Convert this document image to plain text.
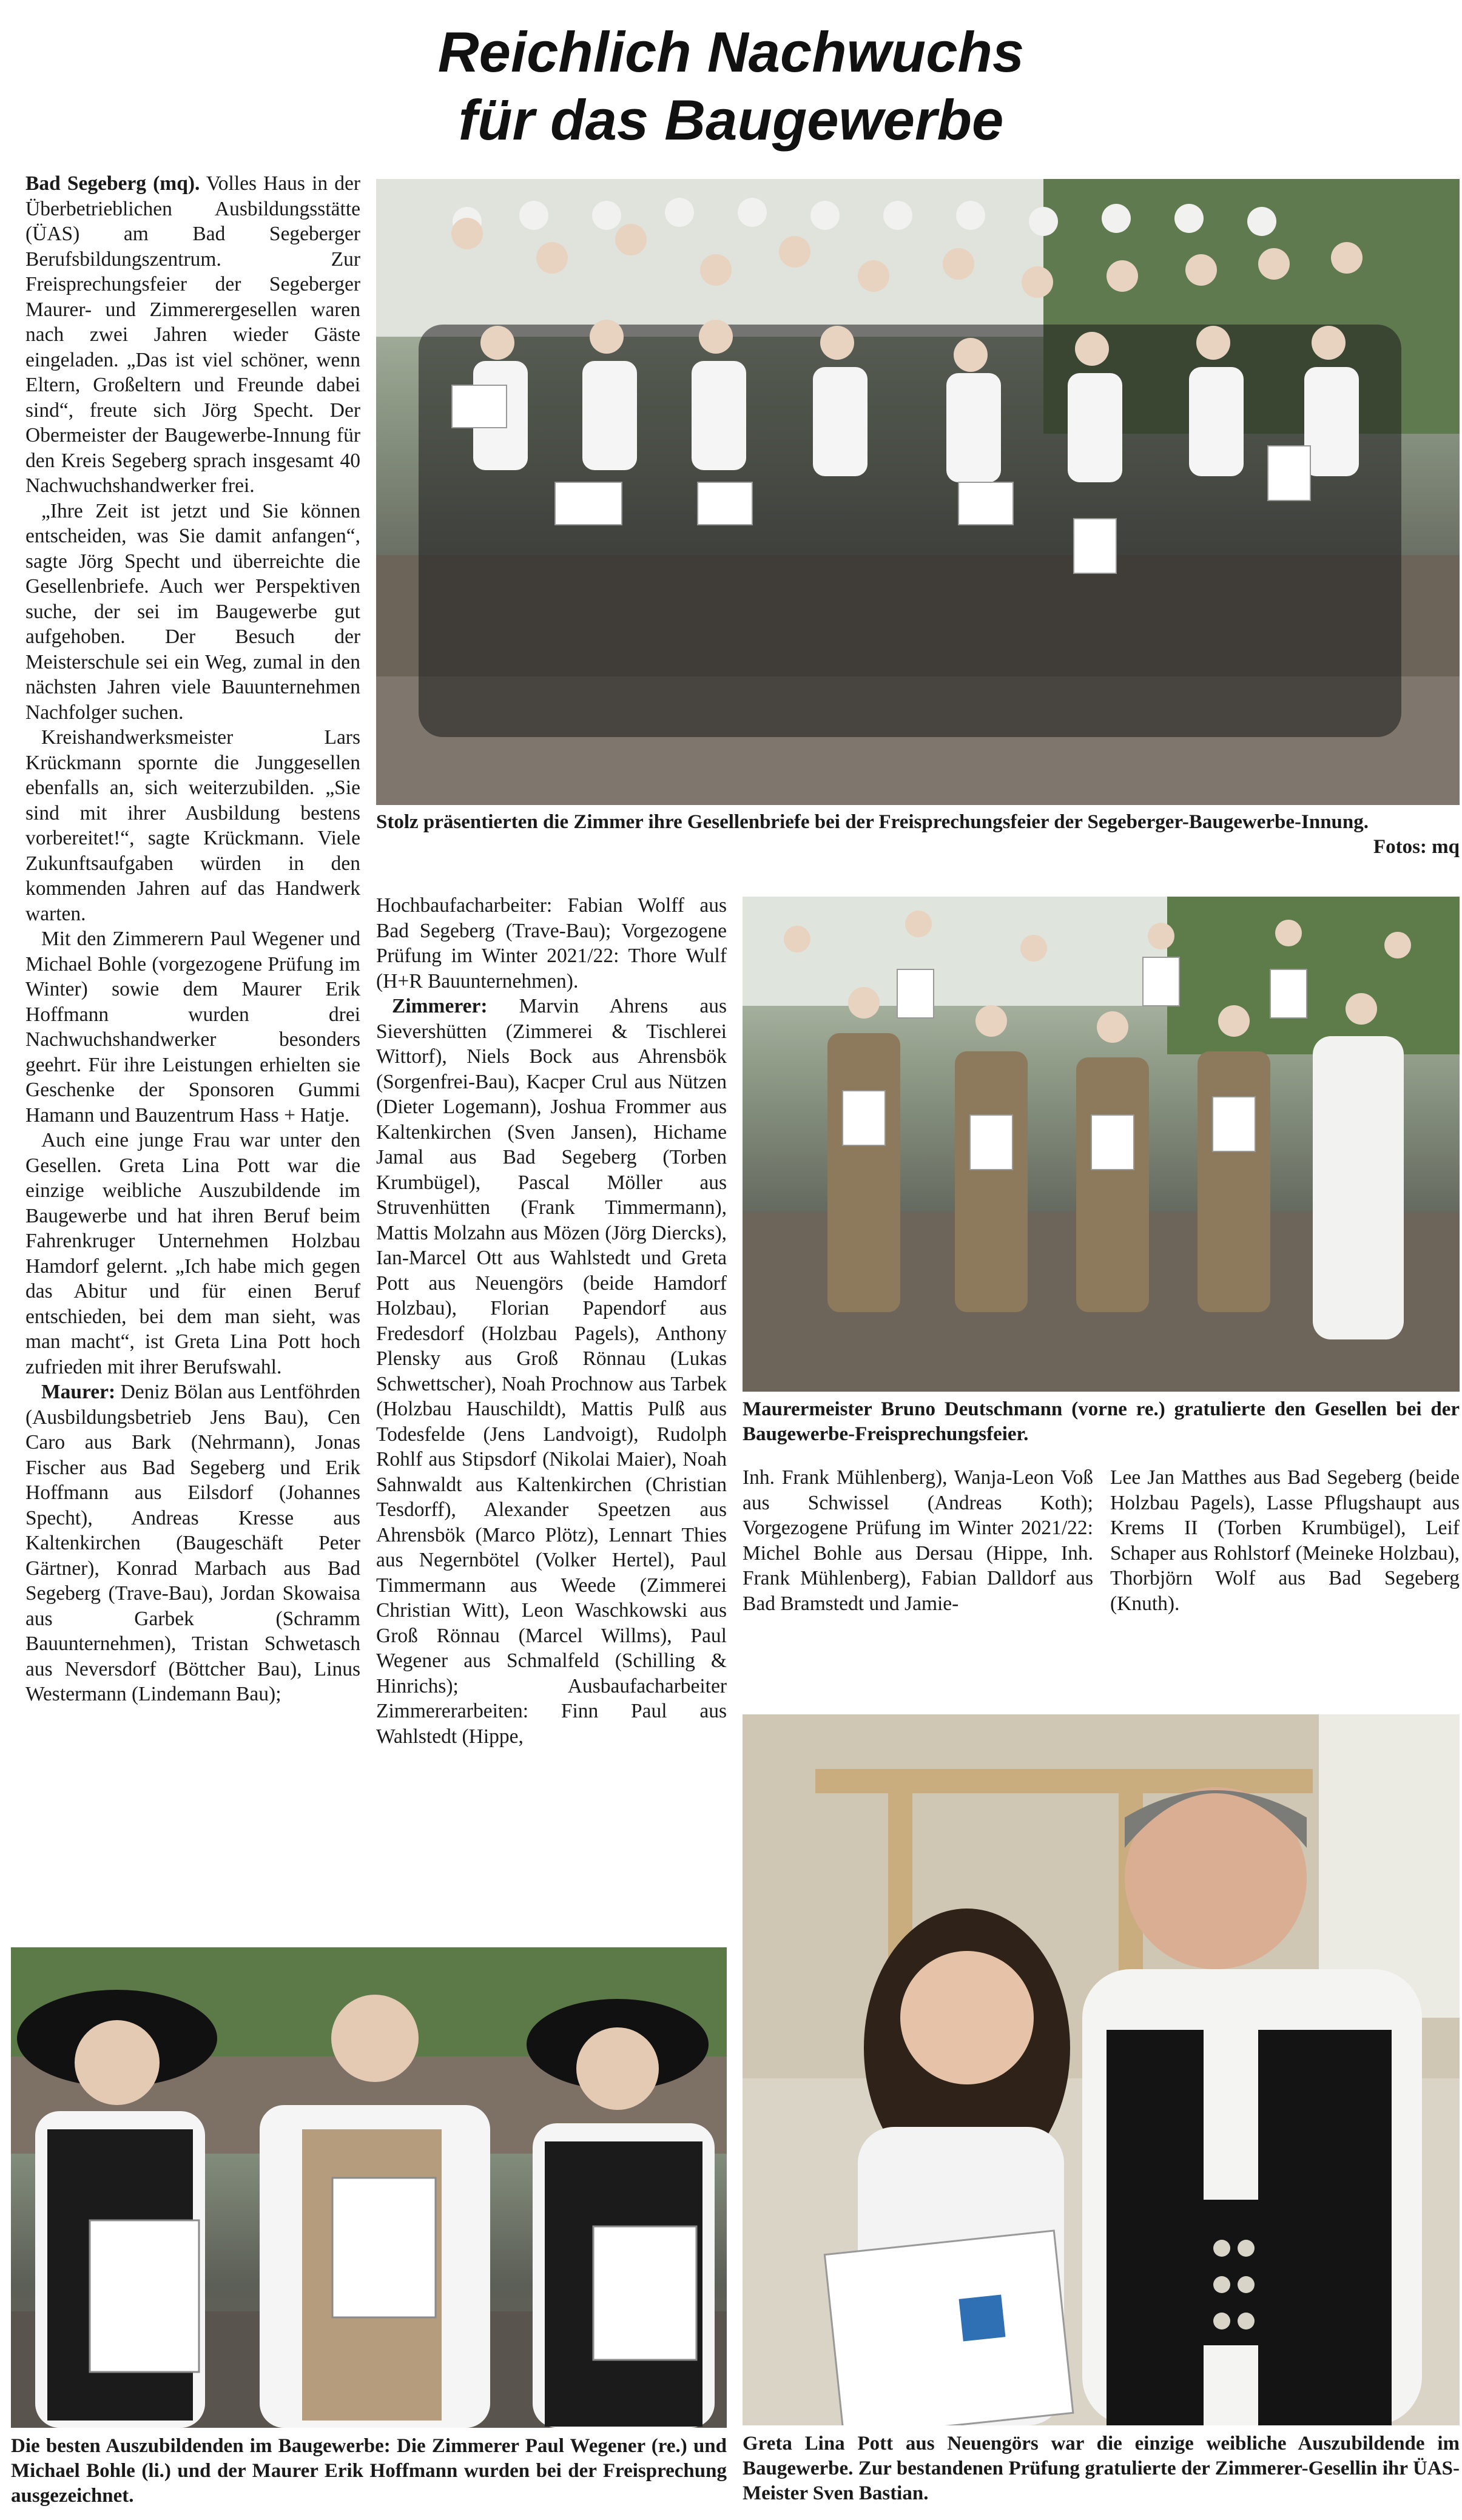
Reichlich Nachwuchs
für das Baugewerbe

Bad Segeberg (mq). Volles Haus in der Überbetrieblichen Ausbildungsstätte (ÜAS) am Bad Segeberger Berufsbildungszentrum. Zur Freisprechungsfeier der Segeberger Maurer- und Zimmerergesellen waren nach zwei Jahren wieder Gäste eingeladen. „Das ist viel schöner, wenn Eltern, Großeltern und Freunde dabei sind“, freute sich Jörg Specht. Der Obermeister der Baugewerbe-Innung für den Kreis Segeberg sprach insgesamt 40 Nachwuchshandwerker frei.

„Ihre Zeit ist jetzt und Sie können entscheiden, was Sie damit anfangen“, sagte Jörg Specht und überreichte die Gesellenbriefe. Auch wer Perspektiven suche, der sei im Baugewerbe gut aufgehoben. Der Besuch der Meisterschule sei ein Weg, zumal in den nächsten Jahren viele Bauunternehmen Nachfolger suchen.

Kreishandwerksmeister Lars Krückmann spornte die Junggesellen ebenfalls an, sich weiterzubilden. „Sie sind mit ihrer Ausbildung bestens vorbereitet!“, sagte Krückmann. Viele Zukunftsaufgaben würden in den kommenden Jahren auf das Handwerk warten.

Mit den Zimmerern Paul Wegener und Michael Bohle (vorgezogene Prüfung im Winter) sowie dem Maurer Erik Hoffmann wurden drei Nachwuchshandwerker besonders geehrt. Für ihre Leistungen erhielten sie Geschenke der Sponsoren Gummi Hamann und Bauzentrum Hass + Hatje.

Auch eine junge Frau war unter den Gesellen. Greta Lina Pott war die einzige weibliche Auszubildende im Baugewerbe und hat ihren Beruf beim Fahrenkruger Unternehmen Holzbau Hamdorf gelernt. „Ich habe mich gegen das Abitur und für einen Beruf entschieden, bei dem man sieht, was man macht“, ist Greta Lina Pott hoch zufrieden mit ihrer Berufswahl.

Maurer: Deniz Bölan aus Lentföhrden (Ausbildungsbetrieb Jens Bau), Cen Caro aus Bark (Nehrmann), Jonas Fischer aus Bad Segeberg und Erik Hoffmann aus Eilsdorf (Johannes Specht), Andreas Kresse aus Kaltenkirchen (Baugeschäft Peter Gärtner), Konrad Marbach aus Bad Segeberg (Trave-Bau), Jordan Skowaisa aus Garbek (Schramm Bauunternehmen), Tristan Schwetasch aus Neversdorf (Böttcher Bau), Linus Westermann (Lindemann Bau);

Hochbaufacharbeiter: Fabian Wolff aus Bad Segeberg (Trave-Bau); Vorgezogene Prüfung im Winter 2021/22: Thore Wulf (H+R Bauunternehmen).

Zimmerer: Marvin Ahrens aus Sievershütten (Zimmerei & Tischlerei Wittorf), Niels Bock aus Ahrensbök (Sorgenfrei-Bau), Kacper Crul aus Nützen (Dieter Logemann), Joshua Frommer aus Kaltenkirchen (Sven Jansen), Hichame Jamal aus Bad Segeberg (Torben Krumbügel), Pascal Möller aus Struvenhütten (Frank Timmermann), Mattis Molzahn aus Mözen (Jörg Diercks), Ian-Marcel Ott aus Wahlstedt und Greta Pott aus Neuengörs (beide Hamdorf Holzbau), Florian Papendorf aus Fredesdorf (Holzbau Pagels), Anthony Plensky aus Groß Rönnau (Lukas Schwettscher), Noah Prochnow aus Tarbek (Holzbau Hauschildt), Mattis Pulß aus Todesfelde (Jens Landvoigt), Rudolph Rohlf aus Stipsdorf (Nikolai Maier), Noah Sahnwaldt aus Kaltenkirchen (Christian Tesdorff), Alexander Speetzen aus Ahrensbök (Marco Plötz), Lennart Thies aus Negernbötel (Volker Hertel), Paul Timmermann aus Weede (Zimmerei Christian Witt), Leon Waschkowski aus Groß Rönnau (Marcel Willms), Paul Wegener aus Schmalfeld (Schilling & Hinrichs); Ausbaufacharbeiter Zimmererarbeiten: Finn Paul aus Wahlstedt (Hippe,

Inh. Frank Mühlenberg), Wanja-Leon Voß aus Schwissel (Andreas Koth); Vorgezogene Prüfung im Winter 2021/22: Michel Bohle aus Dersau (Hippe, Inh. Frank Mühlenberg), Fabian Dalldorf aus Bad Bramstedt und Jamie-
Lee Jan Matthes aus Bad Segeberg (beide Holzbau Pagels), Lasse Pflugshaupt aus Krems II (Torben Krumbügel), Leif Schaper aus Rohlstorf (Meineke Holzbau), Thorbjörn Wolf aus Bad Segeberg (Knuth).
Stolz präsentierten die Zimmer ihre Gesellenbriefe bei der Freisprechungsfeier der Segeberger-Baugewerbe-Innung.
Fotos: mq
Maurermeister Bruno Deutschmann (vorne re.) gratulierte den Gesellen bei der Baugewerbe-Freisprechungsfeier.
Die besten Auszubildenden im Baugewerbe: Die Zimmerer Paul Wegener (re.) und Michael Bohle (li.) und der Maurer Erik Hoffmann wurden bei der Freisprechung ausgezeichnet.
Greta Lina Pott aus Neuengörs war die einzige weibliche Auszubildende im Baugewerbe. Zur bestandenen Prüfung gratulierte der Zimmerer-Gesellin ihr ÜAS-Meister Sven Bastian.
